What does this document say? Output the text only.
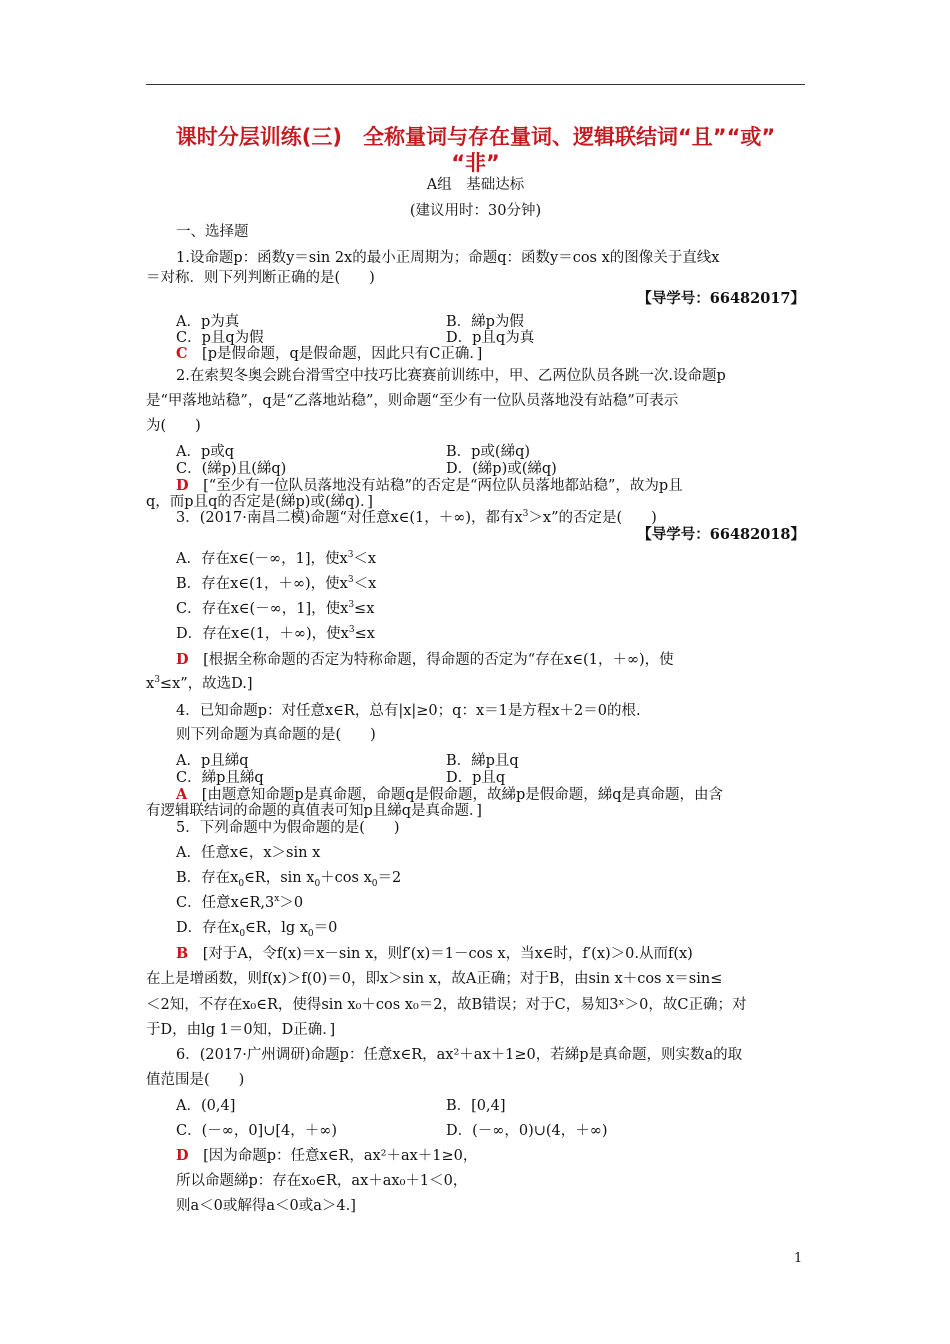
课时分层训练(三)　全称量词与存在量词、逻辑联结词“且”“或”
“非”
A组　基础达标
(建议用时：30分钟)
一、选择题
1.设命题p：函数y＝sin 2x的最小正周期为；命题q：函数y＝cos x的图像关于直线x
＝对称．则下列判断正确的是(　　)
【导学号：66482017】
A．p为真	B．綈p为假
C．p且q为假	D．p且q为真
C　[p是假命题，q是假命题，因此只有C正确．]
2.在索契冬奥会跳台滑雪空中技巧比赛赛前训练中，甲、乙两位队员各跳一次.设命题p
是“甲落地站稳”，q是“乙落地站稳”，则命题“至少有一位队员落地没有站稳”可表示
为(　　)
A．p或q	B．p或(綈q)
C．(綈p)且(綈q)	D．(綈p)或(綈q)
D　[“至少有一位队员落地没有站稳”的否定是“两位队员落地都站稳”，故为p且
q，而p且q的否定是(綈p)或(綈q)．]
3．(2017·南昌二模)命题“对任意x∈(1，＋∞)，都有$x^3>x$”的否定是(　　)
【导学号：66482018】
A．存在x∈(－∞，1]，使$x^3<x$
B．存在x∈(1，＋∞)，使$x^3<x$
C．存在x∈(－∞，1]，使$x^3\le x$
D．存在x∈(1，＋∞)，使$x^3\le x$
D　[根据全称命题的否定为特称命题，得命题的否定为“存在x∈(1，＋∞)，使
$x^3\le x$”，故选D.]
4．已知命题p：对任意x∈R，总有|x|≥0；q：x＝1是方程x＋2＝0的根.
则下列命题为真命题的是(　　)
A．p且綈q	B．綈p且q
C．綈p且綈q	D．p且q
A　[由题意知命题p是真命题，命题q是假命题，故綈p是假命题，綈q是真命题，由含
有逻辑联结词的命题的真值表可知p且綈q是真命题．]
5．下列命题中为假命题的是(　　)
A．任意x∈，x＞sin x
B．存在$x_0\in R$，$\sin x_0+\cos$ $x_0=2$
C．任意$x\in R,3^x>0$
D．存在$x_0\in R$，$\lg x_0=0$
B　[对于A，令f(x)＝x－sin x，则f′(x)＝1－cos x，当x∈时，f′(x)＞0.从而f(x)
在上是增函数，则f(x)＞f(0)＝0，即x＞sin x，故A正确；对于B，由sin x＋cos x＝sin≤
＜2知，不存在x₀∈R，使得sin x₀＋cos x₀＝2，故B错误；对于C，易知3ˣ＞0，故C正确；对
于D，由lg 1＝0知，D正确．]
6．(2017·广州调研)命题p：任意x∈R，ax²＋ax＋1≥0，若綈p是真命题，则实数a的取
值范围是(　　)
A．(0,4]	B．[0,4]
C．(－∞，0]∪[4，＋∞)	D．(－∞，0)∪(4，＋∞)
D　[因为命题p：任意x∈R，ax²＋ax＋1≥0，
所以命题綈p：存在x₀∈R，ax＋ax₀＋1＜0，
则a＜0或解得a＜0或a＞4.]
1
